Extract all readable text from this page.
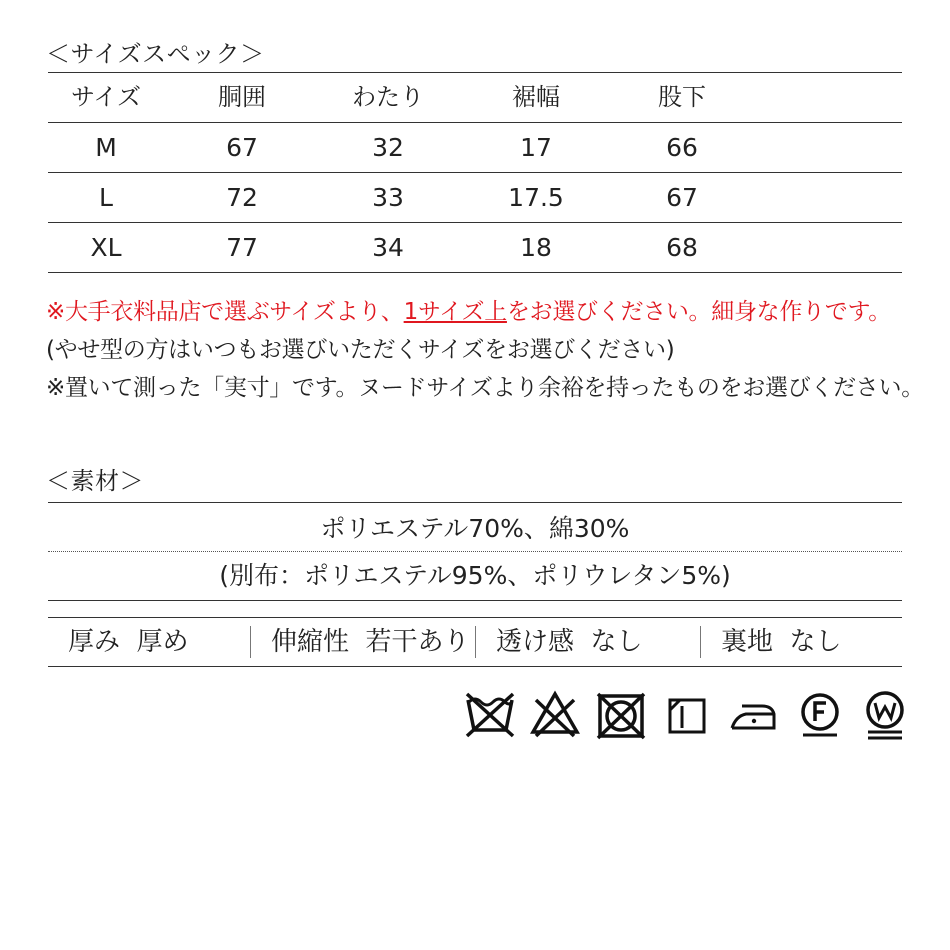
＜サイズスペック＞
サイズ	胴囲	わたり	裾幅	股下
M	67	32	17	66
L	72	33	17.5	67
XL	77	34	18	68
※大手衣料品店で選ぶサイズより、1サイズ上をお選びください。細身な作りです。
(やせ型の方はいつもお選びいただくサイズをお選びください)
※置いて測った「実寸」です。ヌードサイズより余裕を持ったものをお選びください。
＜素材＞
ポリエステル70%、綿30%
(別布：ポリエステル95%、ポリウレタン5%)
厚み 厚め	伸縮性 若干あり 透け感 なし	裏地 なし
